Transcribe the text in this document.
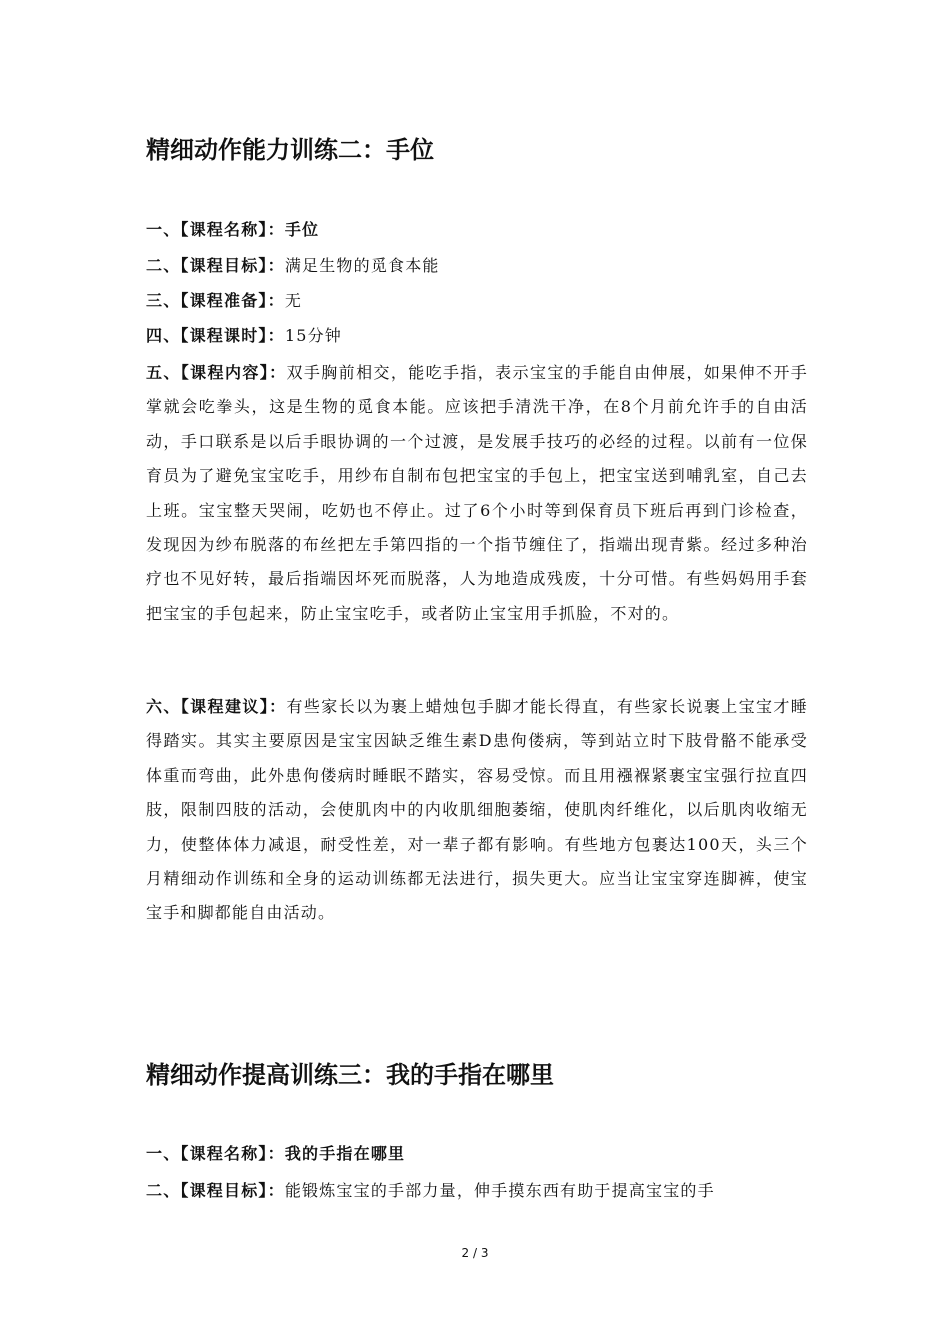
精细动作能力训练二：手位
一、【课程名称】：手位
二、【课程目标】：满足生物的觅食本能
三、【课程准备】：无
四、【课程课时】：15分钟
五、【课程内容】：双手胸前相交，能吃手指，表示宝宝的手能自由伸展，如果伸不开手掌就会吃拳头，这是生物的觅食本能。应该把手清洗干净，在8个月前允许手的自由活动，手口联系是以后手眼协调的一个过渡，是发展手技巧的必经的过程。以前有一位保育员为了避免宝宝吃手，用纱布自制布包把宝宝的手包上，把宝宝送到哺乳室，自己去上班。宝宝整天哭闹，吃奶也不停止。过了6个小时等到保育员下班后再到门诊检查，发现因为纱布脱落的布丝把左手第四指的一个指节缠住了，指端出现青紫。经过多种治疗也不见好转，最后指端因坏死而脱落，人为地造成残废，十分可惜。有些妈妈用手套把宝宝的手包起来，防止宝宝吃手，或者防止宝宝用手抓脸，不对的。
六、【课程建议】：有些家长以为裹上蜡烛包手脚才能长得直，有些家长说裹上宝宝才睡得踏实。其实主要原因是宝宝因缺乏维生素D患佝偻病，等到站立时下肢骨骼不能承受体重而弯曲，此外患佝偻病时睡眠不踏实，容易受惊。而且用襁褓紧裹宝宝强行拉直四肢，限制四肢的活动，会使肌肉中的内收肌细胞萎缩，使肌肉纤维化，以后肌肉收缩无力，使整体体力减退，耐受性差，对一辈子都有影响。有些地方包裹达100天，头三个月精细动作训练和全身的运动训练都无法进行，损失更大。应当让宝宝穿连脚裤，使宝宝手和脚都能自由活动。
精细动作提高训练三：我的手指在哪里
一、【课程名称】：我的手指在哪里
二、【课程目标】：能锻炼宝宝的手部力量，伸手摸东西有助于提高宝宝的手
2 / 3
